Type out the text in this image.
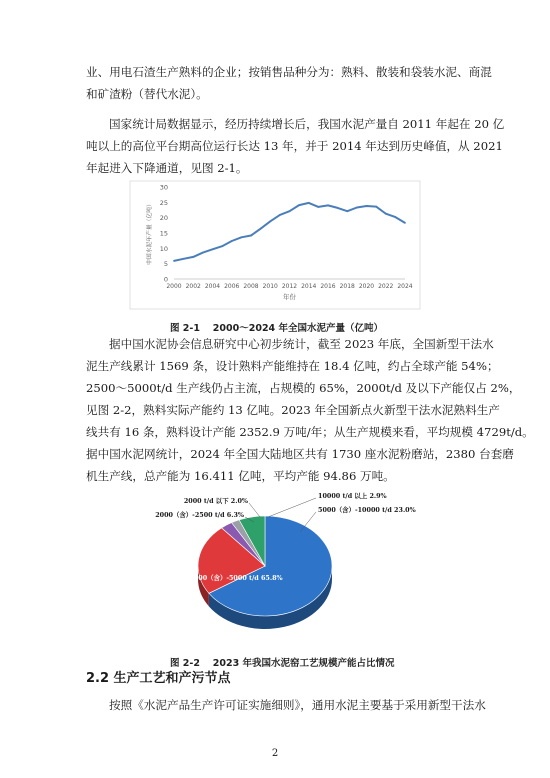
业、用电石渣生产熟料的企业；按销售品种分为：熟料、散装和袋装水泥、商混
和矿渣粉（替代水泥）。

国家统计局数据显示，经历持续增长后，我国水泥产量自 2011 年起在 20 亿
吨以上的高位平台期高位运行长达 13 年，并于 2014 年达到历史峰值，从 2021
年起进入下降通道，见图 2-1。

0
5
10
15
20
25
30
2000 2002 2004 2006 2008 2010 2012 2014 2016 2018 2020 2022 2024
中国水泥年产量（亿吨）
年份
图 2-1　 2000～2024 年全国水泥产量（亿吨）

据中国水泥协会信息研究中心初步统计，截至 2023 年底，全国新型干法水
泥生产线累计 1569 条，设计熟料产能维持在 18.4 亿吨，约占全球产能 54%；
2500～5000t/d 生产线仍占主流，占规模的 65%，2000t/d 及以下产能仅占 2%，
见图 2-2，熟料实际产能约 13 亿吨。2023 年全国新点火新型干法水泥熟料生产
线共有 16 条，熟料设计产能 2352.9 万吨/年；从生产规模来看，平均规模 4729t/d。
据中国水泥网统计，2024 年全国大陆地区共有 1730 座水泥粉磨站，2380 台套磨
机生产线，总产能为 16.411 亿吨，平均产能 94.86 万吨。

2500（含）-5000 t/d 65.8%
5000（含）-10000 t/d 23.0%
10000 t/d 以上 2.9%
2000 t/d 以下 2.0%
2000（含）-2500 t/d 6.3%
图 2-2　 2023 年我国水泥窑工艺规模产能占比情况
2.2 生产工艺和产污节点

按照《水泥产品生产许可证实施细则》，通用水泥主要基于采用新型干法水

2
